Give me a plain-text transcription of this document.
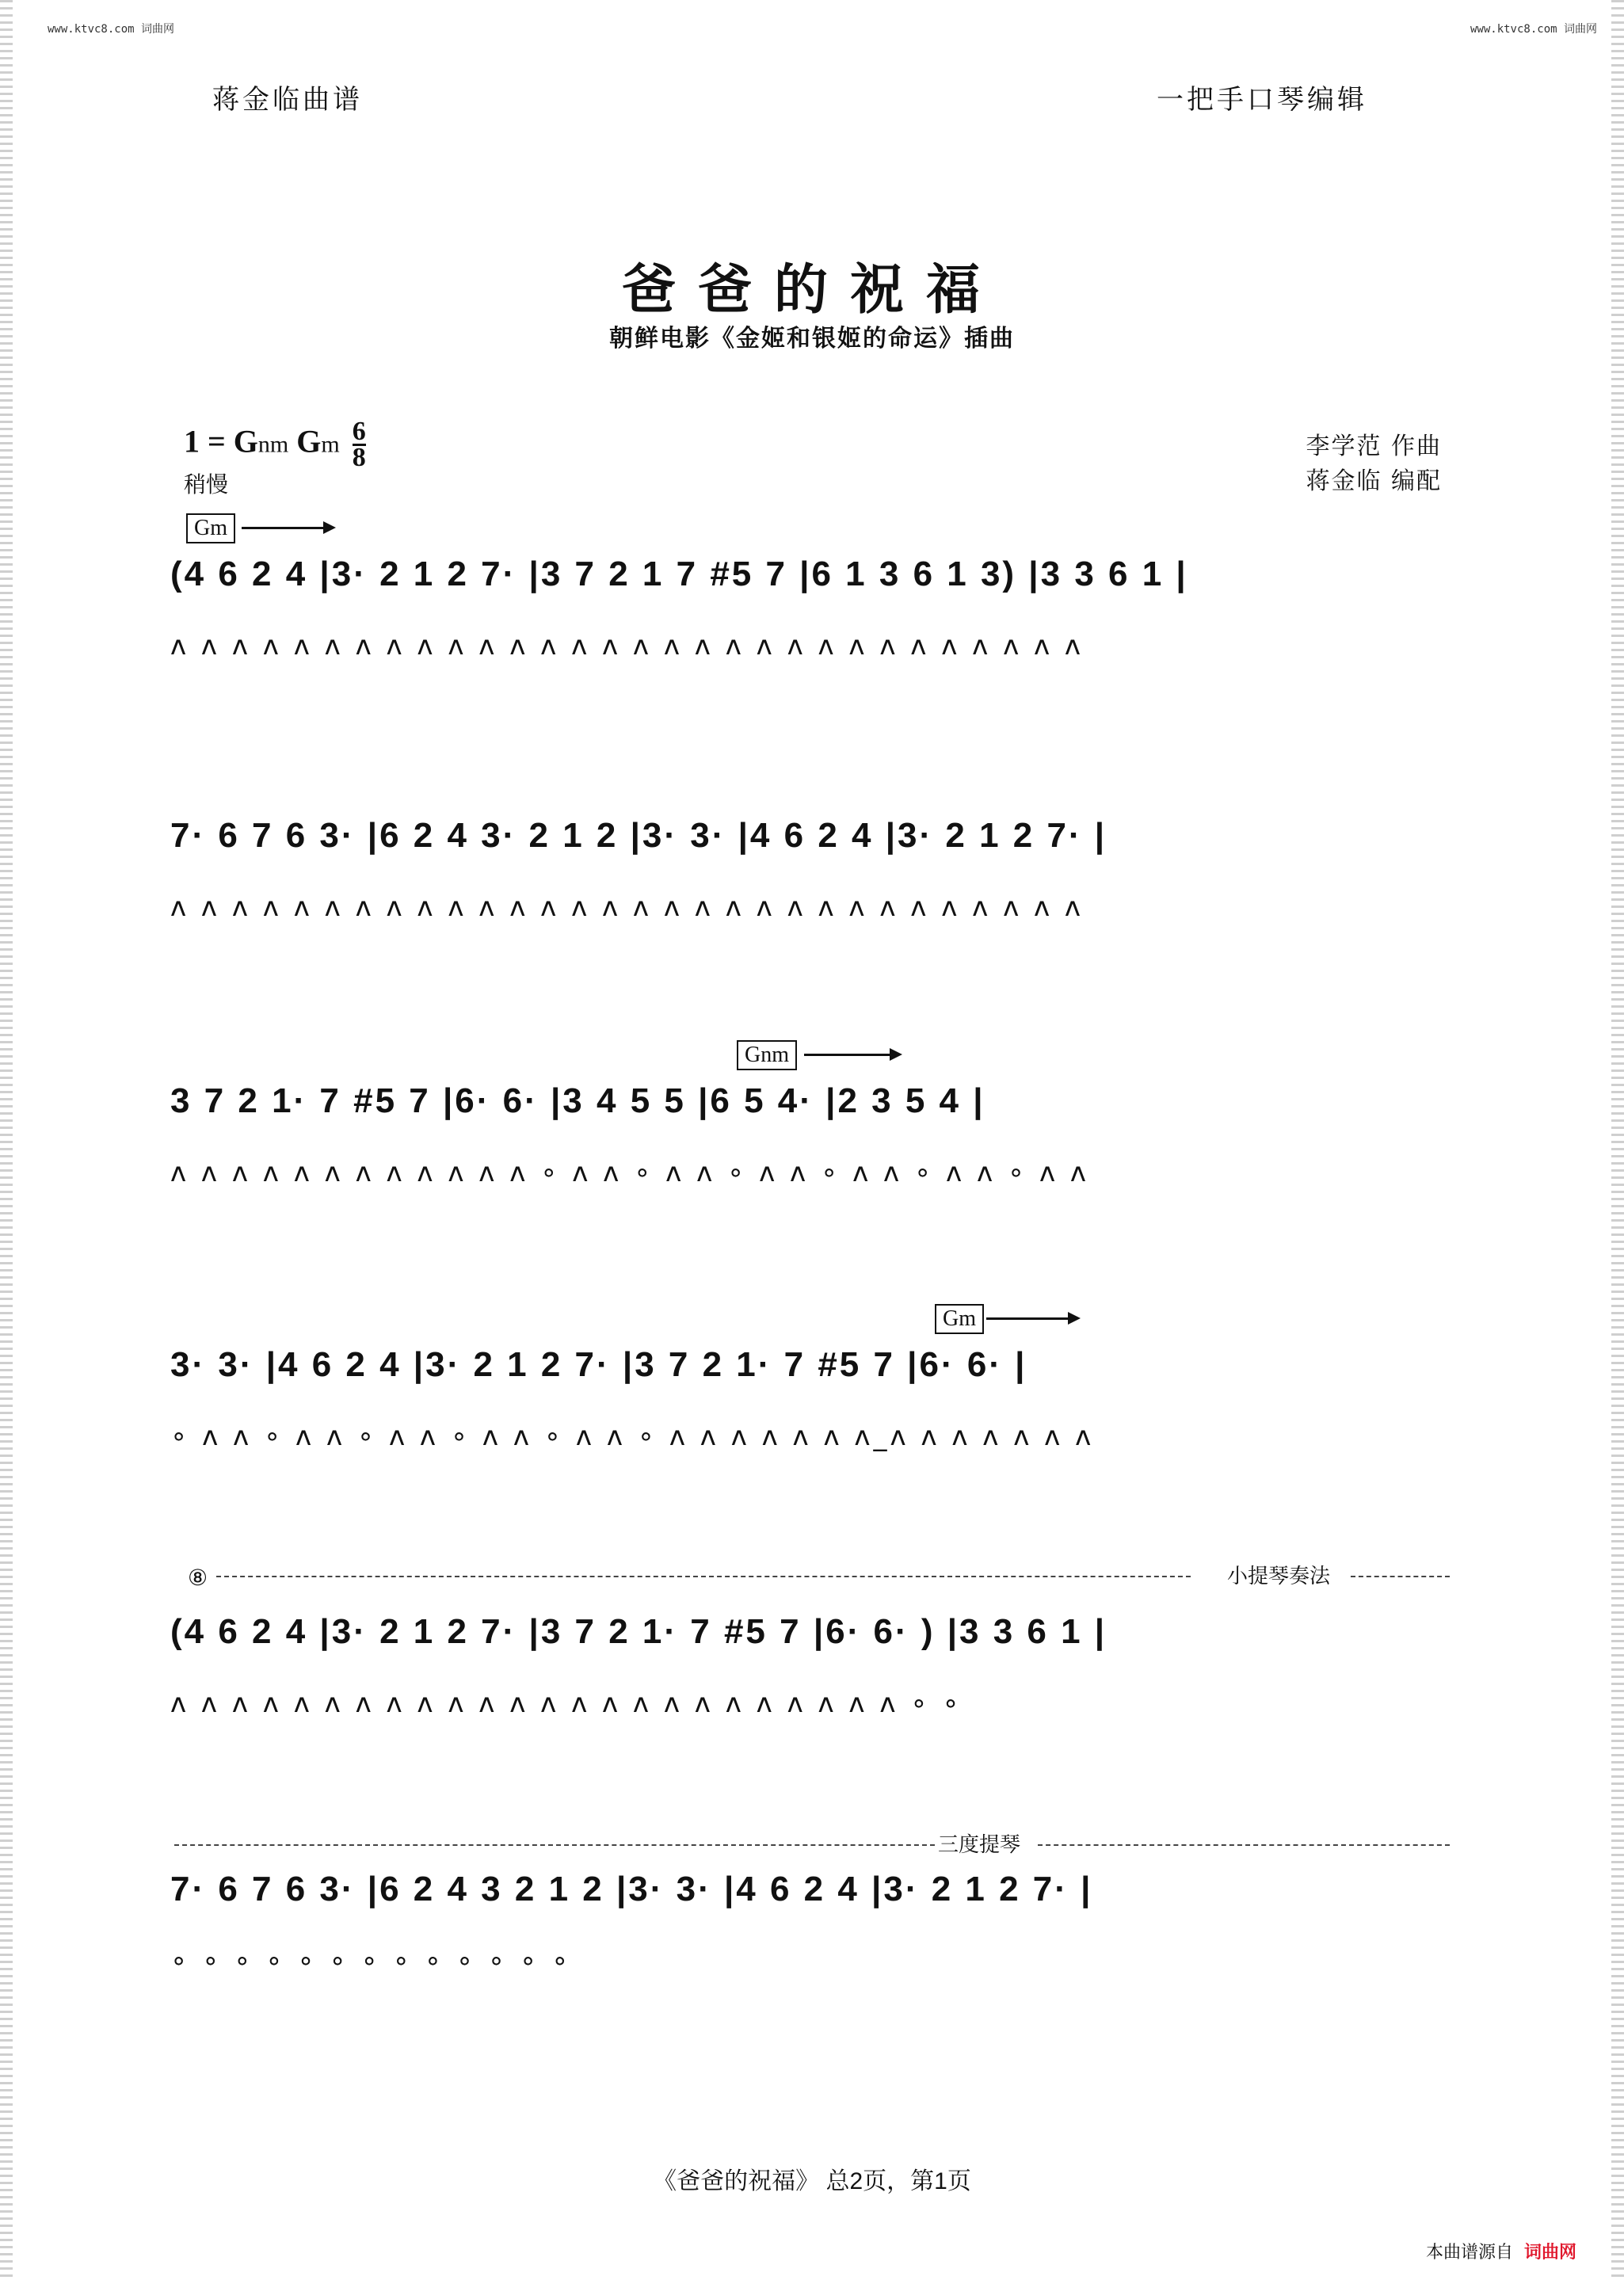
www.ktvc8.com 词曲网	www.ktvc8.com 词曲网
蒋金临曲谱	一把手口琴编辑
爸爸的祝福
朝鲜电影《金姬和银姬的命运》插曲
1 = Gnm Gm $\frac{6}{8}$
稍慢
李学范 作曲
蒋金临 编配
Gm
(4 6 2 4 |3· 2 1 2 7· |3 7 2 1 7 #5 7 |6 1 3 6 1 3) |3 3 6 1 |
ʌ ʌ ʌ ʌ ʌ ʌ ʌ ʌ ʌ ʌ ʌ ʌ ʌ ʌ ʌ ʌ ʌ ʌ ʌ ʌ ʌ ʌ ʌ ʌ ʌ ʌ ʌ ʌ ʌ ʌ
7· 6 7 6 3· |6 2 4 3· 2 1 2 |3· 3· |4 6 2 4 |3· 2 1 2 7· |
ʌ ʌ ʌ ʌ ʌ ʌ ʌ ʌ ʌ ʌ ʌ ʌ ʌ ʌ ʌ ʌ ʌ ʌ ʌ ʌ ʌ ʌ ʌ ʌ ʌ ʌ ʌ ʌ ʌ ʌ
Gnm
3 7 2 1· 7 #5 7 |6· 6· |3 4 5 5 |6 5 4· |2 3 5 4 |
ʌ ʌ ʌ ʌ ʌ ʌ ʌ ʌ ʌ ʌ ʌ ʌ ∘ ʌ ʌ ∘ ʌ ʌ ∘ ʌ ʌ ∘ ʌ ʌ ∘ ʌ ʌ ∘ ʌ ʌ
Gm
3· 3· |4 6 2 4 |3· 2 1 2 7· |3 7 2 1· 7 #5 7 |6· 6· |
∘ ʌ ʌ ∘ ʌ ʌ ∘ ʌ ʌ ∘ ʌ ʌ ∘ ʌ ʌ ∘ ʌ ʌ ʌ ʌ ʌ ʌ ʌ_ʌ ʌ ʌ ʌ ʌ ʌ ʌ
⑧	小提琴奏法
(4 6 2 4 |3· 2 1 2 7· |3 7 2 1· 7 #5 7 |6· 6· ) |3 3 6 1 |
ʌ ʌ ʌ ʌ ʌ ʌ ʌ ʌ ʌ ʌ ʌ ʌ ʌ ʌ ʌ ʌ ʌ ʌ ʌ ʌ ʌ ʌ ʌ ʌ ∘ ∘
三度提琴
7· 6 7 6 3· |6 2 4 3 2 1 2 |3· 3· |4 6 2 4 |3· 2 1 2 7· |
∘ ∘ ∘ ∘ ∘ ∘ ∘ ∘ ∘ ∘ ∘ ∘ ∘
《爸爸的祝福》 总2页，第1页
本曲谱源自 词曲网
